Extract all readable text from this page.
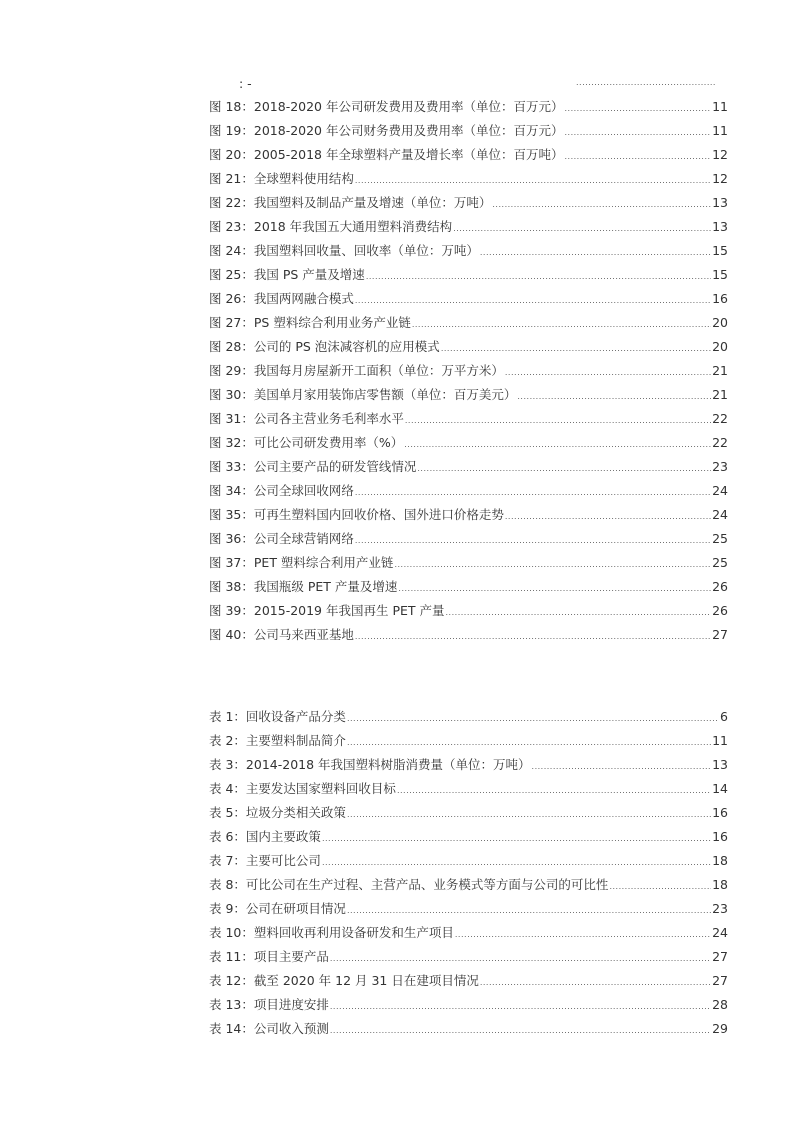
: -
.....
图 18：2018-2020 年公司研发费用及费用率（单位：百万元） .....	11
图 19：2018-2020 年公司财务费用及费用率（单位：百万元） .....	11
图 20：2005-2018 年全球塑料产量及增长率（单位：百万吨） .....	12
图 21：全球塑料使用结构 .....	12
图 22：我国塑料及制品产量及增速（单位：万吨） .....	13
图 23：2018 年我国五大通用塑料消费结构 .....	13
图 24：我国塑料回收量、回收率（单位：万吨） .....	15
图 25：我国 PS 产量及增速 .....	15
图 26：我国两网融合模式 .....	16
图 27：PS 塑料综合利用业务产业链 .....	20
图 28：公司的 PS 泡沫减容机的应用模式 .....	20
图 29：我国每月房屋新开工面积（单位：万平方米） .....	21
图 30：美国单月家用装饰店零售额（单位：百万美元） .....	21
图 31：公司各主营业务毛利率水平 .....	22
图 32：可比公司研发费用率（%） .....	22
图 33：公司主要产品的研发管线情况 .....	23
图 34：公司全球回收网络 .....	24
图 35：可再生塑料国内回收价格、国外进口价格走势 .....	24
图 36：公司全球营销网络 .....	25
图 37：PET 塑料综合利用产业链 .....	25
图 38：我国瓶级 PET 产量及增速 .....	26
图 39：2015-2019 年我国再生 PET 产量 .....	26
图 40：公司马来西亚基地 .....	27
表 1：回收设备产品分类 .....	6
表 2：主要塑料制品简介 .....	11
表 3：2014-2018 年我国塑料树脂消费量（单位：万吨） .....	13
表 4：主要发达国家塑料回收目标 .....	14
表 5：垃圾分类相关政策 .....	16
表 6：国内主要政策 .....	16
表 7：主要可比公司 .....	18
表 8：可比公司在生产过程、主营产品、业务模式等方面与公司的可比性 .....	18
表 9：公司在研项目情况 .....	23
表 10：塑料回收再利用设备研发和生产项目 .....	24
表 11：项目主要产品 .....	27
表 12：截至 2020 年 12 月 31 日在建项目情况 .....	27
表 13：项目进度安排 .....	28
表 14：公司收入预测 .....	29
